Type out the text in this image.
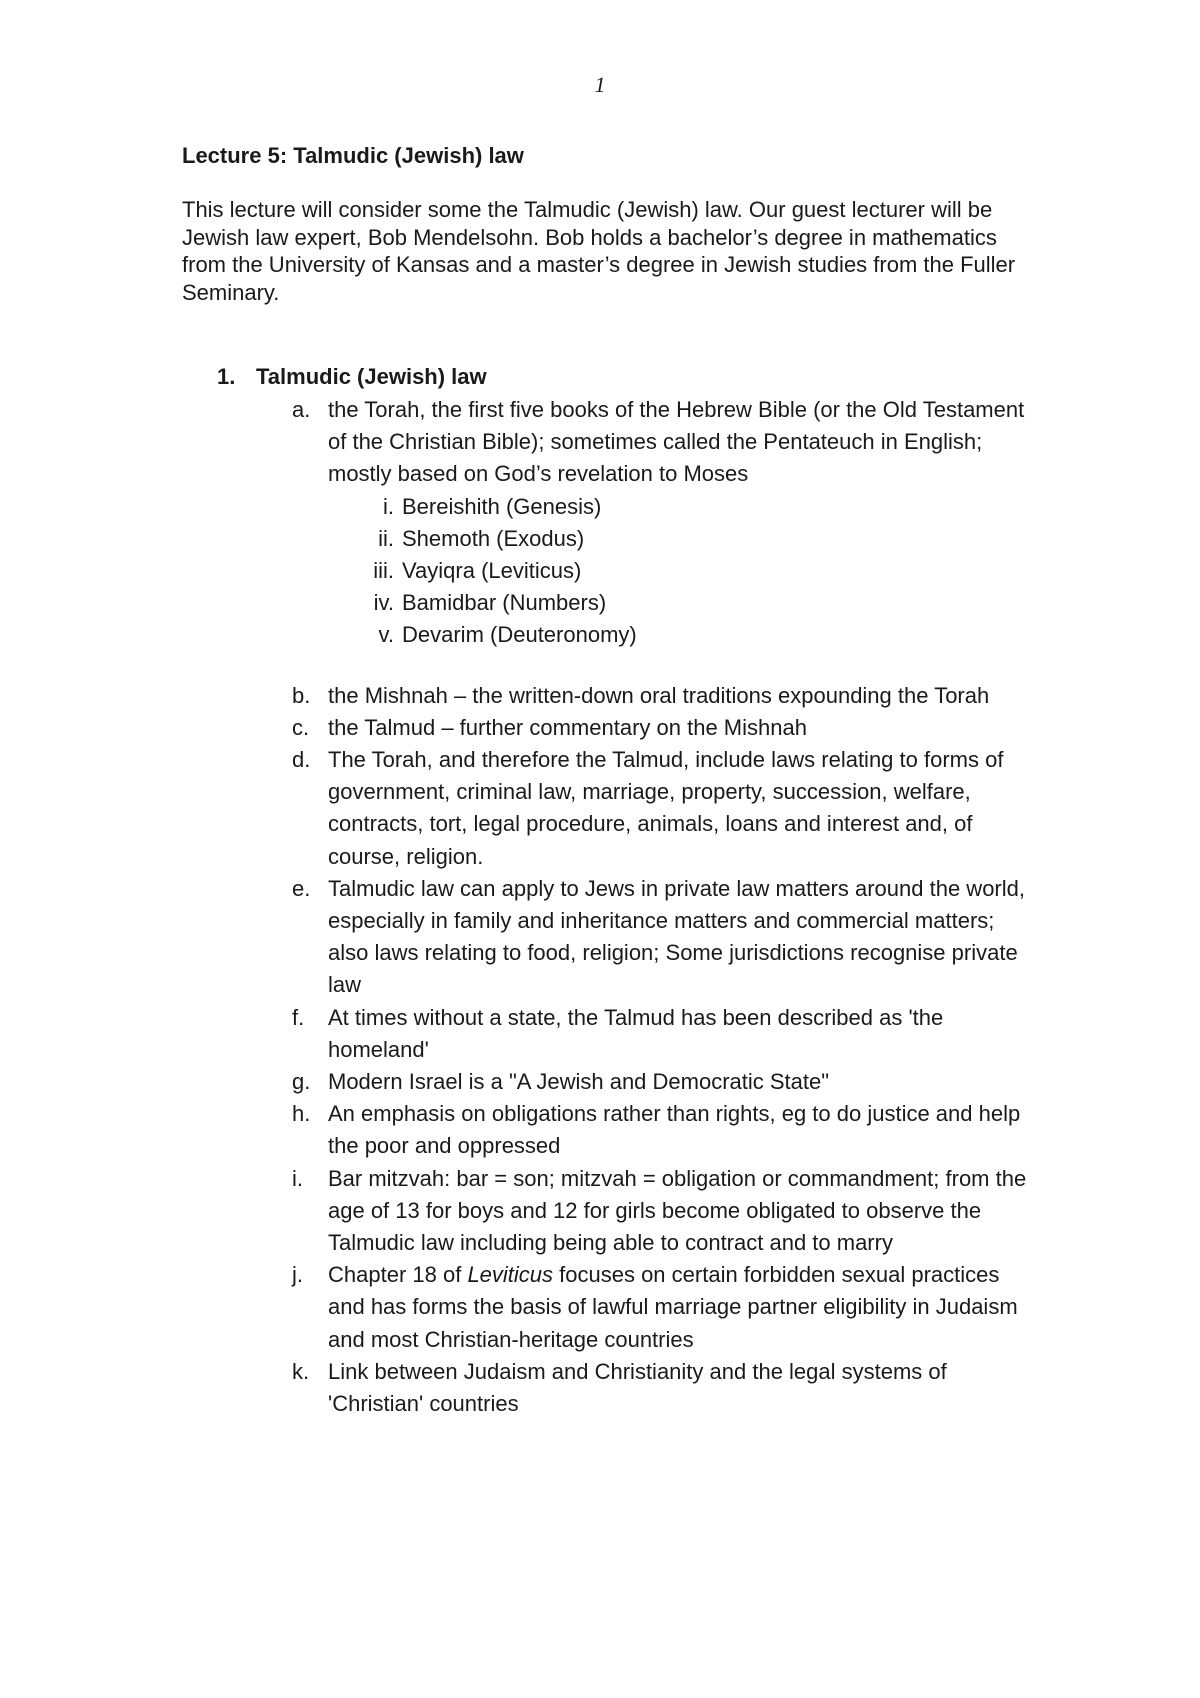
1
Lecture 5: Talmudic (Jewish) law

This lecture will consider some the Talmudic (Jewish) law. Our guest lecturer will be Jewish law expert, Bob Mendelsohn. Bob holds a bachelor’s degree in mathematics from the University of Kansas and a master’s degree in Jewish studies from the Fuller Seminary.

1. Talmudic (Jewish) law
a. the Torah, the first five books of the Hebrew Bible (or the Old Testament of the Christian Bible); sometimes called the Pentateuch in English; mostly based on God’s revelation to Moses
i. Bereishith (Genesis)
ii. Shemoth (Exodus)
iii. Vayiqra (Leviticus)
iv. Bamidbar (Numbers)
v. Devarim (Deuteronomy)
b. the Mishnah – the written-down oral traditions expounding the Torah
c. the Talmud – further commentary on the Mishnah
d. The Torah, and therefore the Talmud, include laws relating to forms of government, criminal law, marriage, property, succession, welfare, contracts, tort, legal procedure, animals, loans and interest and, of course, religion.
e. Talmudic law can apply to Jews in private law matters around the world, especially in family and inheritance matters and commercial matters; also laws relating to food, religion; Some jurisdictions recognise private law
f. At times without a state, the Talmud has been described as 'the homeland'
g. Modern Israel is a "A Jewish and Democratic State"
h. An emphasis on obligations rather than rights, eg to do justice and help the poor and oppressed
i. Bar mitzvah: bar = son; mitzvah = obligation or commandment; from the age of 13 for boys and 12 for girls become obligated to observe the Talmudic law including being able to contract and to marry
j. Chapter 18 of Leviticus focuses on certain forbidden sexual practices and has forms the basis of lawful marriage partner eligibility in Judaism and most Christian-heritage countries
k. Link between Judaism and Christianity and the legal systems of 'Christian' countries
